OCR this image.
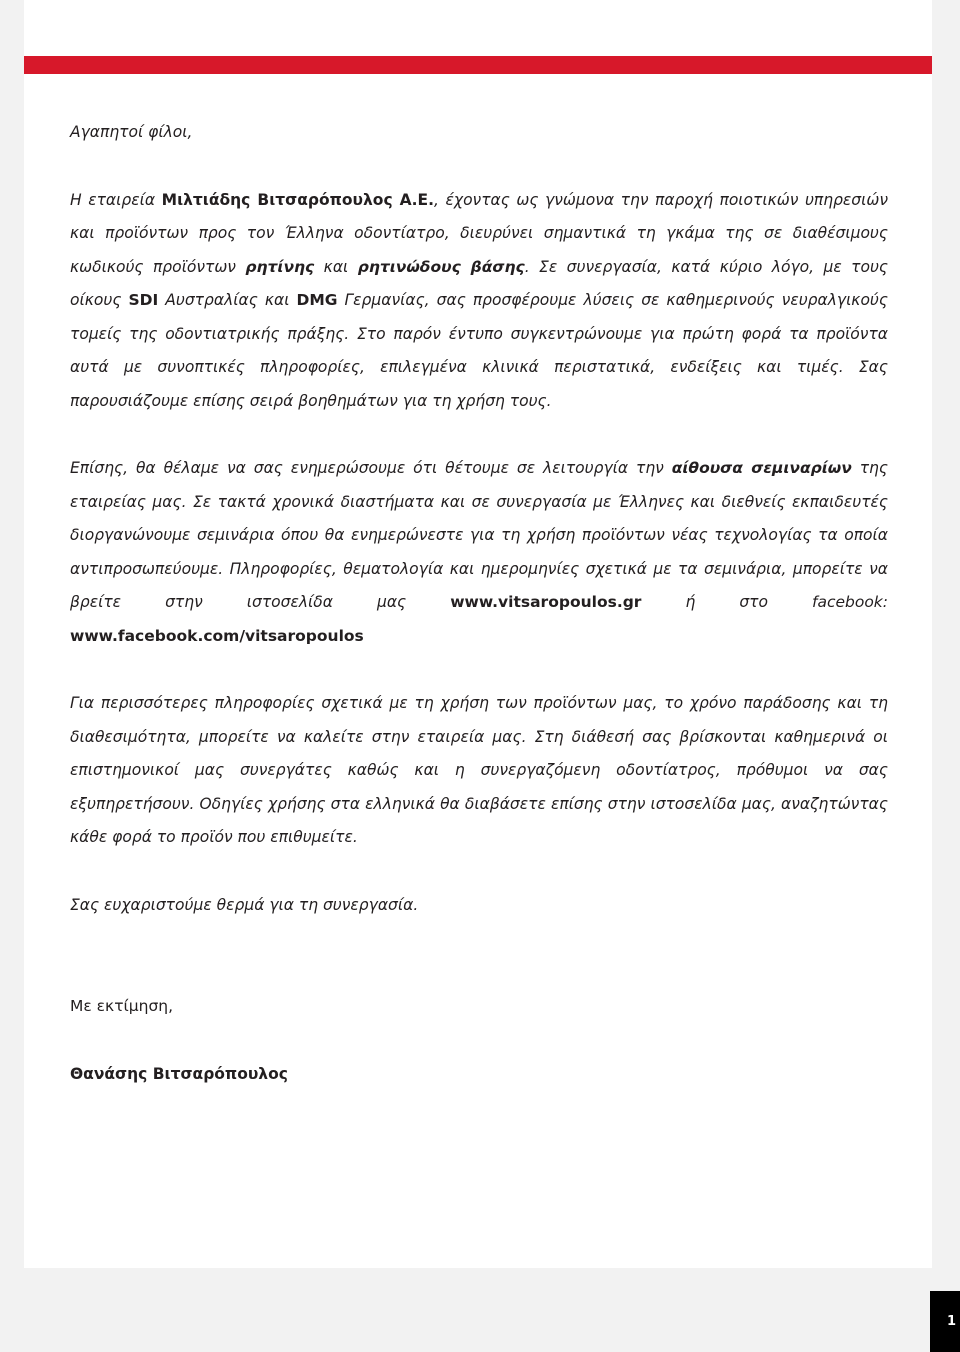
Αγαπητοί φίλοι,

Η εταιρεία Μιλτιάδης Βιτσαρόπουλος Α.Ε., έχοντας ως γνώμονα την παροχή ποιοτικών υπηρεσιών και προϊόντων προς τον Έλληνα οδοντίατρο, διευρύνει σημαντικά τη γκάμα της σε διαθέσιμους κωδικούς προϊόντων ρητίνης και ρητινώδους βάσης. Σε συνεργασία, κατά κύριο λόγο, με τους οίκους SDI Αυστραλίας και DMG Γερμανίας, σας προσφέρουμε λύσεις σε καθημερινούς νευραλγικούς τομείς της οδοντιατρικής πράξης. Στο παρόν έντυπο συγκεντρώνουμε για πρώτη φορά τα προϊόντα αυτά με συνοπτικές πληροφορίες, επιλεγμένα κλινικά περιστατικά, ενδείξεις και τιμές. Σας παρουσιάζουμε επίσης σειρά βοηθημάτων για τη χρήση τους.

Επίσης, θα θέλαμε να σας ενημερώσουμε ότι θέτουμε σε λειτουργία την αίθουσα σεμιναρίων της εταιρείας μας. Σε τακτά χρονικά διαστήματα και σε συνεργασία με Έλληνες και διεθνείς εκπαιδευτές διοργανώνουμε σεμινάρια όπου θα ενημερώνεστε για τη χρήση προϊόντων νέας τεχνολογίας τα οποία αντιπροσωπεύουμε. Πληροφορίες, θεματολογία και ημερομηνίες σχετικά με τα σεμινάρια, μπορείτε να βρείτε στην ιστοσελίδα μας www.vitsaropoulos.gr ή στο facebook: www.facebook.com/vitsaropoulos

Για περισσότερες πληροφορίες σχετικά με τη χρήση των προϊόντων μας, το χρόνο παράδοσης και τη διαθεσιμότητα, μπορείτε να καλείτε στην εταιρεία μας. Στη διάθεσή σας βρίσκονται καθημερινά οι επιστημονικοί μας συνεργάτες καθώς και η συνεργαζόμενη οδοντίατρος, πρόθυμοι να σας εξυπηρετήσουν. Οδηγίες χρήσης στα ελληνικά θα διαβάσετε επίσης στην ιστοσελίδα μας, αναζητώντας κάθε φορά το προϊόν που επιθυμείτε.

Σας ευχαριστούμε θερμά για τη συνεργασία.

Με εκτίμηση,

Θανάσης Βιτσαρόπουλος

1
